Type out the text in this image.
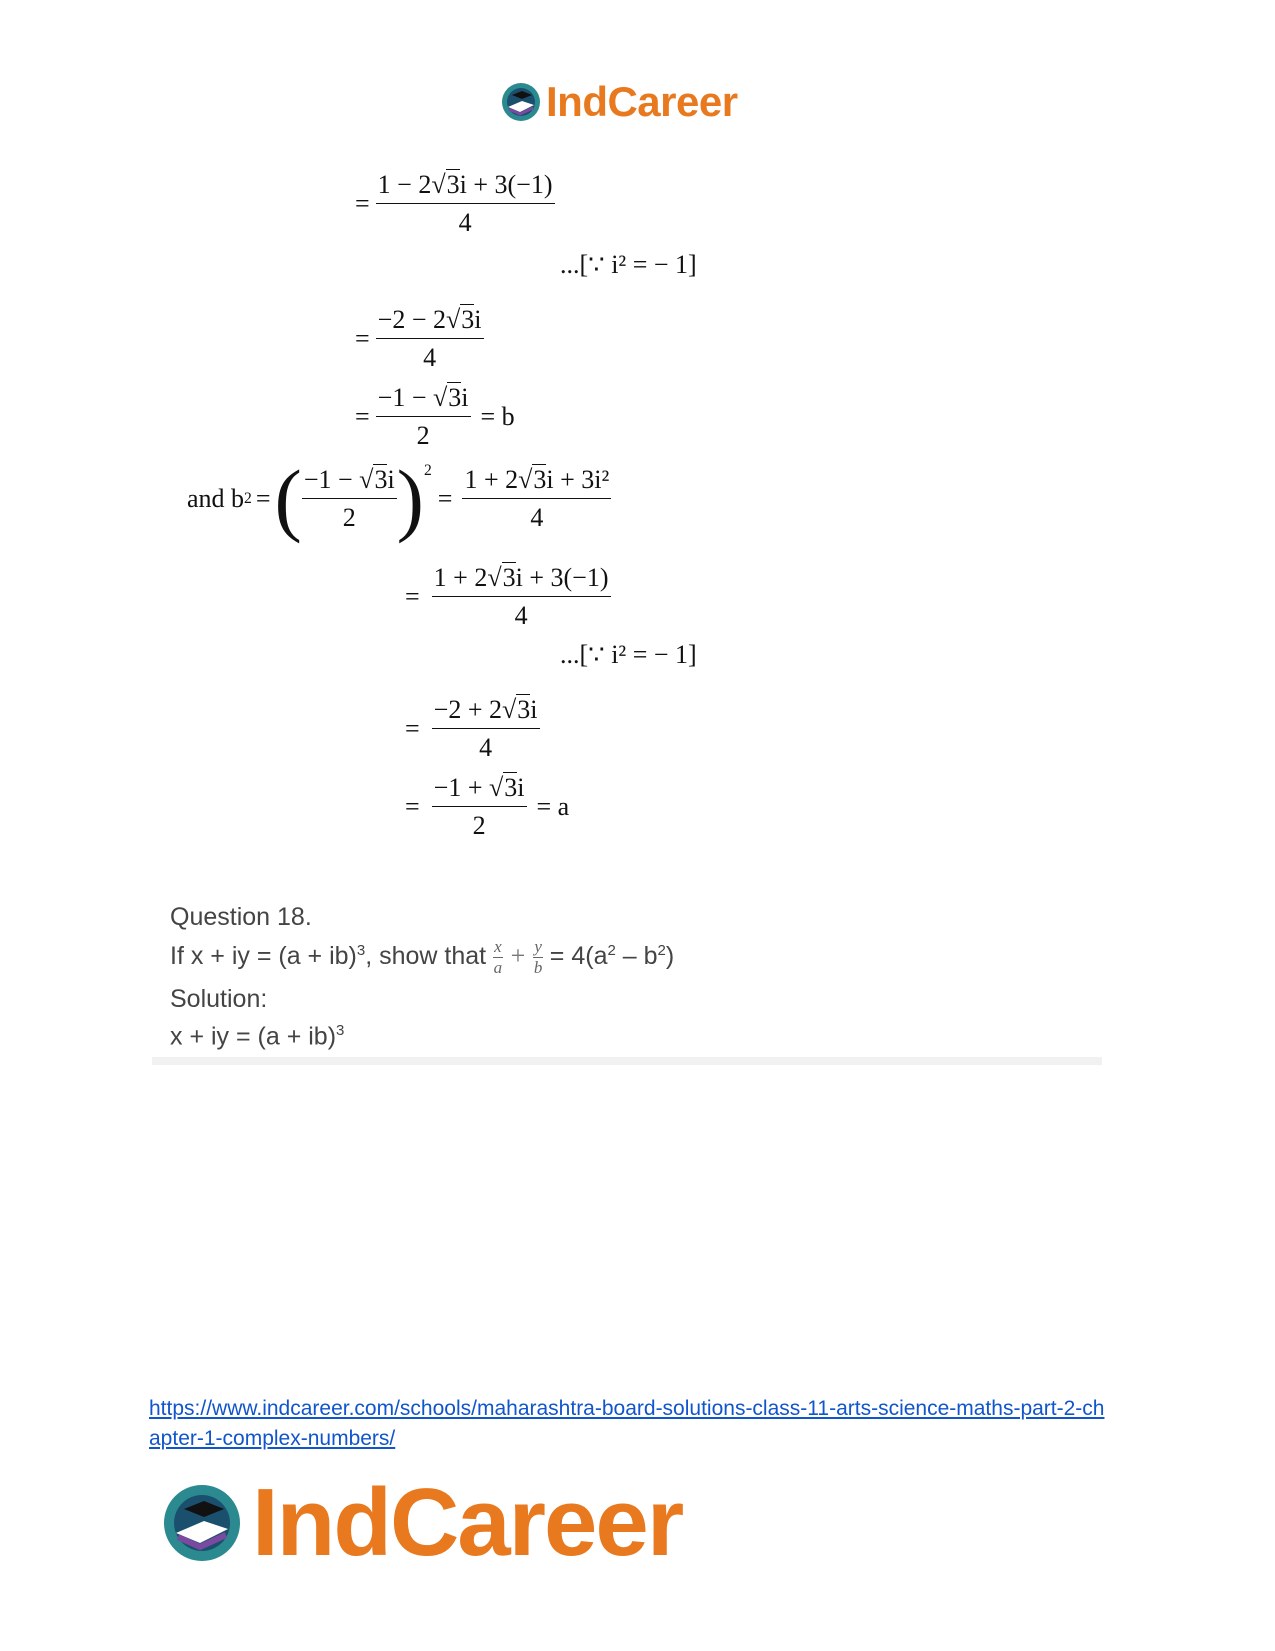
IndCareer
= $\frac{1 - 2√3i + 3(-1)}{4}$
...[∵ i² = − 1]
= $\frac{-2 - 2√3i}{4}$
= $\frac{-1 - √3i}{2} = b$
and b 2 = ( $\frac{-1 - √3i}{2} )^2$
= $\frac{\text{1 + 2√3i + 3i²}}{4}$
= $\frac{1 + 2√3i + 3(-1)}{4}$
...[∵ i² = − 1]
= $\frac{-2 + 2√3i}{4}$
= $\frac{-1 + √3i}{2} = a$
Question 18.
If x + iy = (a + ib)$^3$, show that $\frac{x}{a} + \frac{y}{b} = 4(a^2 - b^2)$
Solution:
x + iy = (a + ib)$^3$
https://www.indcareer.com/schools/maharashtra-board-solutions-class-11-arts-science-maths-part-2-chapter-1-complex-numbers/
IndCareer
